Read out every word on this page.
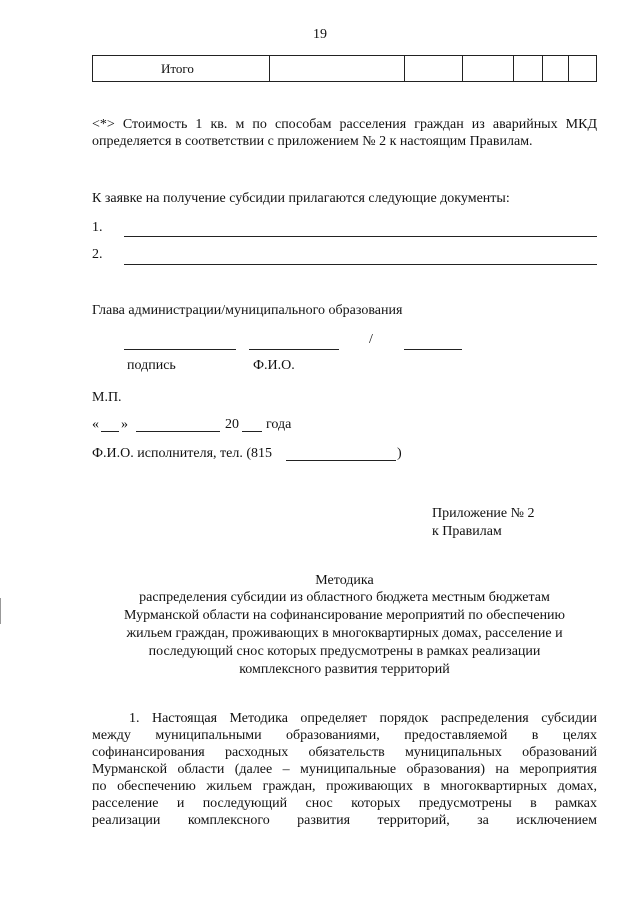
19
Итого
<*> Стоимость 1 кв. м по способам расселения граждан из аварийных МКД
определяется в соответствии с приложением № 2 к настоящим Правилам.
К заявке на получение субсидии прилагаются следующие документы:
1.
2.
Глава администрации/муниципального образования
/
подпись	Ф.И.О.
М.П.
« »	20 года
Ф.И.О. исполнителя, тел. (815	)
Приложение № 2
к Правилам
Методика
распределения субсидии из областного бюджета местным бюджетам
Мурманской области на софинансирование мероприятий по обеспечению
жильем граждан, проживающих в многоквартирных домах, расселение и
последующий снос которых предусмотрены в рамках реализации
комплексного развития территорий
1. Настоящая Методика определяет порядок распределения субсидии
между муниципальными образованиями, предоставляемой в целях
софинансирования расходных обязательств муниципальных образований
Мурманской области (далее – муниципальные образования) на мероприятия
по обеспечению жильем граждан, проживающих в многоквартирных домах,
расселение и последующий снос которых предусмотрены в рамках
реализации комплексного развития территорий, за исключением
